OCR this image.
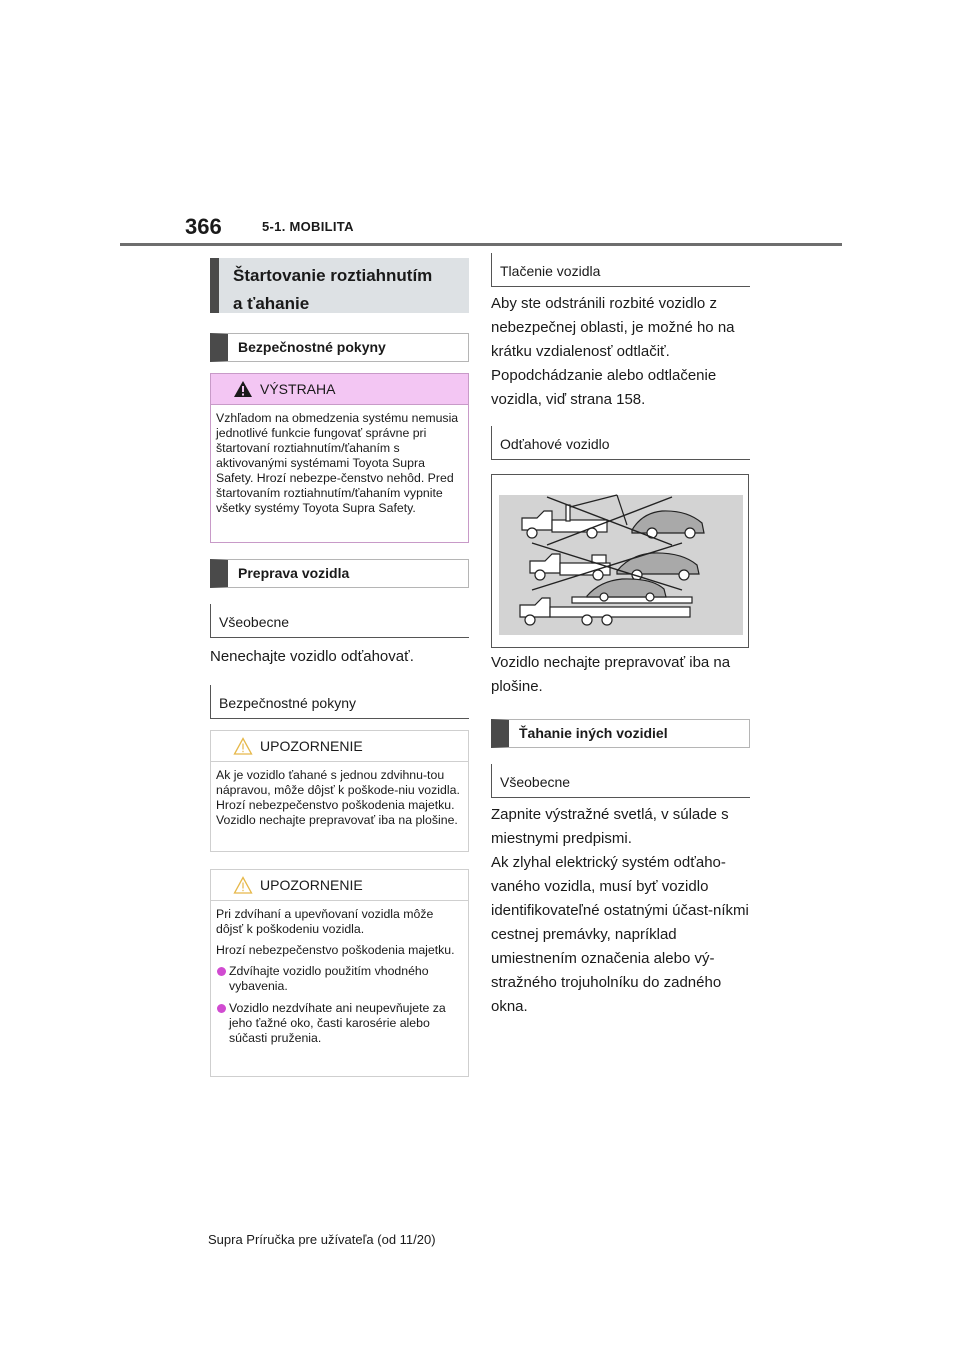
366	5-1. MOBILITA
Štartovanie roztiahnutím
a ťahanie
Bezpečnostné pokyny
VÝSTRAHA
Vzhľadom na obmedzenia systému nemusia jednotlivé funkcie fungovať správne pri štartovaní roztiahnutím/ťahaním s aktivovanými systémami Toyota Supra Safety. Hrozí nebezpe-čenstvo nehôd. Pred štartovaním roztiahnutím/ťahaním vypnite všetky systémy Toyota Supra Safety.
Preprava vozidla
Všeobecne
Nenechajte vozidlo odťahovať.
Bezpečnostné pokyny
UPOZORNENIE
Ak je vozidlo ťahané s jednou zdvihnu-tou nápravou, môže dôjsť k poškode-niu vozidla. Hrozí nebezpečenstvo poškodenia majetku. Vozidlo nechajte prepravovať iba na plošine.
UPOZORNENIE

Pri zdvíhaní a upevňovaní vozidla môže dôjsť k poškodeniu vozidla.

Hrozí nebezpečenstvo poškodenia majetku.

Zdvíhajte vozidlo použitím vhodného vybavenia.
Vozidlo nezdvíhate ani neupevňujete za jeho ťažné oko, časti karosérie alebo súčasti pruženia.
Tlačenie vozidla
Aby ste odstránili rozbité vozidlo z nebezpečnej oblasti, je možné ho na krátku vzdialenosť odtlačiť.
Popodchádzanie alebo odtlačenie vozidla, viď strana 158.
Odťahové vozidlo
Vozidlo nechajte prepravovať iba na plošine.
Ťahanie iných vozidiel
Všeobecne
Zapnite výstražné svetlá, v súlade s miestnymi predpismi.
Ak zlyhal elektrický systém odťaho-vaného vozidla, musí byť vozidlo identifikovateľné ostatnými účast-níkmi cestnej premávky, napríklad umiestnením označenia alebo vý-stražného trojuholníku do zadného okna.
Supra Príručka pre užívateľa (od 11/20)
